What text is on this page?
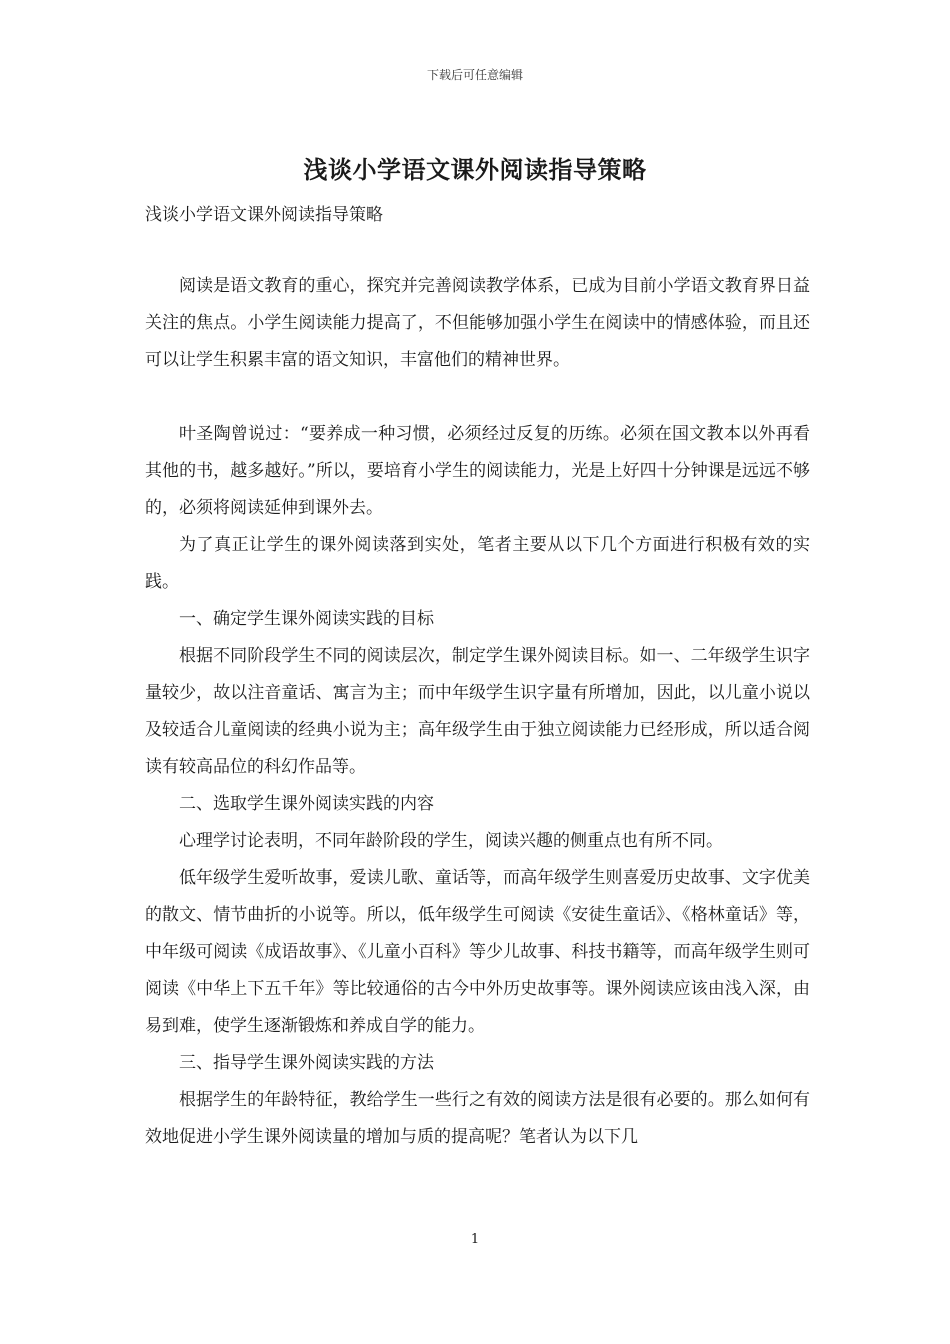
下载后可任意编辑
浅谈小学语文课外阅读指导策略
浅谈小学语文课外阅读指导策略

阅读是语文教育的重心，探究并完善阅读教学体系，已成为目前小学语文教育界日益关注的焦点。小学生阅读能力提高了，不但能够加强小学生在阅读中的情感体验，而且还可以让学生积累丰富的语文知识，丰富他们的精神世界。

叶圣陶曾说过：“要养成一种习惯，必须经过反复的历练。必须在国文教本以外再看其他的书，越多越好。”所以，要培育小学生的阅读能力，光是上好四十分钟课是远远不够的，必须将阅读延伸到课外去。

为了真正让学生的课外阅读落到实处，笔者主要从以下几个方面进行积极有效的实践。

一、确定学生课外阅读实践的目标

根据不同阶段学生不同的阅读层次，制定学生课外阅读目标。如一、二年级学生识字量较少，故以注音童话、寓言为主；而中年级学生识字量有所增加，因此，以儿童小说以及较适合儿童阅读的经典小说为主；高年级学生由于独立阅读能力已经形成，所以适合阅读有较高品位的科幻作品等。

二、选取学生课外阅读实践的内容

心理学讨论表明，不同年龄阶段的学生，阅读兴趣的侧重点也有所不同。

低年级学生爱听故事，爱读儿歌、童话等，而高年级学生则喜爱历史故事、文字优美的散文、情节曲折的小说等。所以，低年级学生可阅读《安徒生童话》、《格林童话》等，中年级可阅读《成语故事》、《儿童小百科》等少儿故事、科技书籍等，而高年级学生则可阅读《中华上下五千年》等比较通俗的古今中外历史故事等。课外阅读应该由浅入深，由易到难，使学生逐渐锻炼和养成自学的能力。

三、指导学生课外阅读实践的方法

根据学生的年龄特征，教给学生一些行之有效的阅读方法是很有必要的。那么如何有效地促进小学生课外阅读量的增加与质的提高呢？笔者认为以下几

1
